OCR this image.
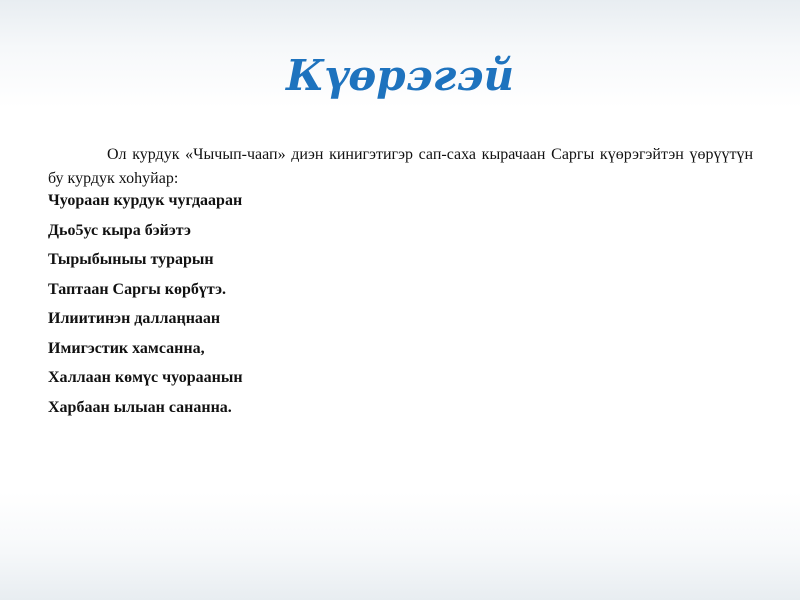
Күөрэгэй

Ол курдук «Чычып-чаап» диэн кинигэтигэр сап-саха кырачаан Саргы күөрэгэйтэн үөрүүтүн бу курдук хоһуйар:

Чуораан курдук чугдааран
Дьо5ус кыра бэйэтэ
Тырыбыныы турарын
Таптаан Саргы көрбүтэ.
Илиитинэн даллаңнаан
Имигэстик хамсанна,
Халлаан көмүс чуорaанын
Харбаан ылыан сананна.
